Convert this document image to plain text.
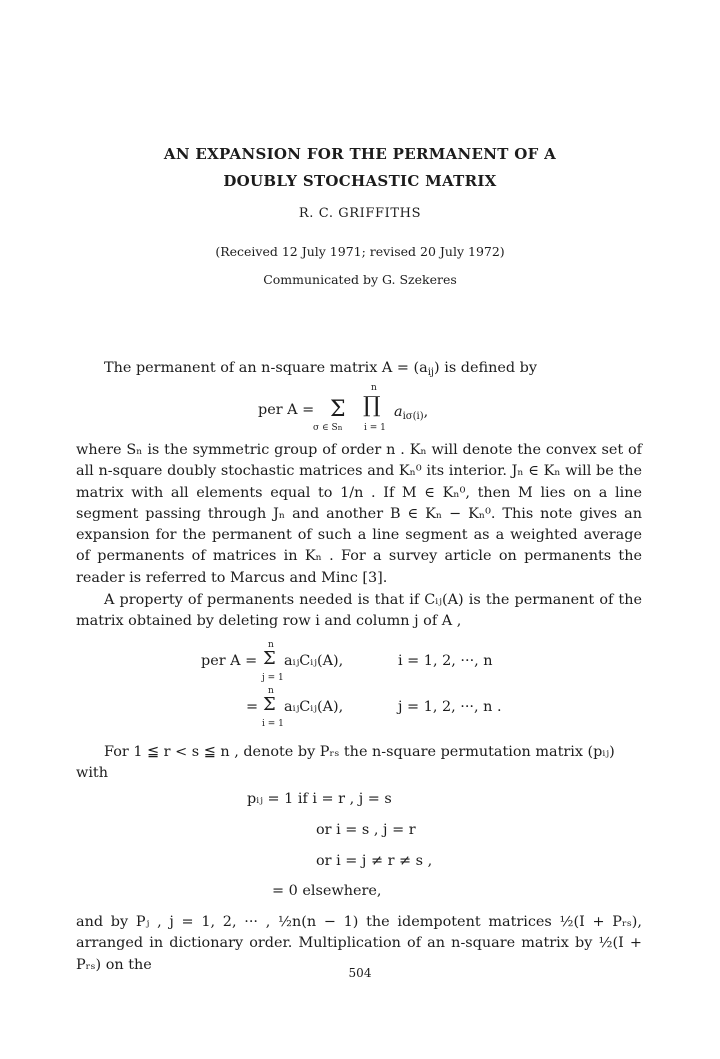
AN EXPANSION FOR THE PERMANENT OF A
DOUBLY STOCHASTIC MATRIX
R. C. GRIFFITHS
(Received 12 July 1971; revised 20 July 1972)
Communicated by G. Szekeres
The permanent of an n-square matrix $A = (a_{ij})$ is defined by
per A = Σ
σ ∈ Sn
n
∏
i = 1
$a_{i\sigma(i)}$,
where Sₙ is the symmetric group of order n . Kₙ will denote the convex set of all n-square doubly stochastic matrices and Kₙ⁰ its interior. Jₙ ∈ Kₙ will be the matrix with all elements equal to 1/n . If M ∈ Kₙ⁰, then M lies on a line segment passing through Jₙ and another B ∈ Kₙ − Kₙ⁰. This note gives an expansion for the permanent of such a line segment as a weighted average of permanents of matrices in Kₙ . For a survey article on permanents the reader is referred to Marcus and Minc [3].
A property of permanents needed is that if Cᵢⱼ(A) is the permanent of the matrix obtained by deleting row i and column j of A ,
per A =
n
Σ
j = 1
aᵢⱼCᵢⱼ(A),	i = 1, 2, ···, n
=
n
Σ
i = 1
aᵢⱼCᵢⱼ(A),	j = 1, 2, ···, n .
For 1 ≦ r < s ≦ n , denote by Pᵣₛ the n-square permutation matrix (pᵢⱼ)
with
pᵢⱼ = 1 if i = r , j = s
or i = s , j = r
or i = j ≠ r ≠ s ,
= 0 elsewhere,
and by Pⱼ , j = 1, 2, ··· , ½n(n − 1) the idempotent matrices ½(I + Pᵣₛ), arranged in dictionary order. Multiplication of an n-square matrix by ½(I + Pᵣₛ) on the
504
